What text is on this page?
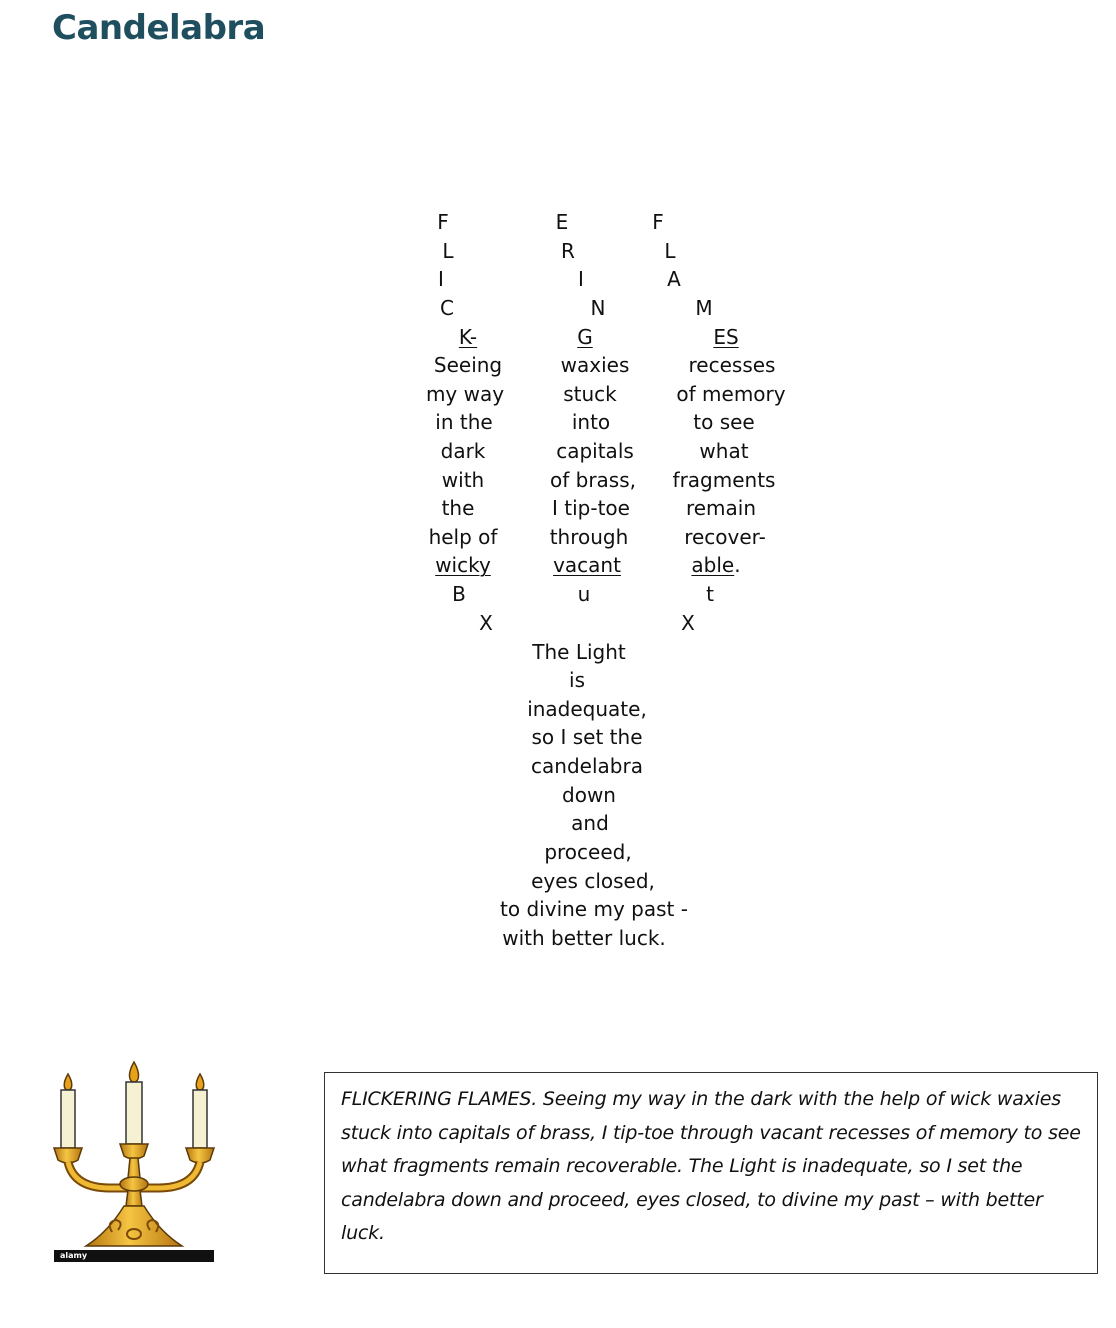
Candelabra
F
L
I
C
K-
Seeing
my way
in the
dark
with
the
help of
wicky
B
X
E
R
I
N
G
waxies
stuck
into
capitals
of brass,
I tip-toe
through
vacant
u
F
L
A
M
ES
recesses
of memory
to see
what
fragments
remain
recover-
able.
t
X
The Light
is
inadequate,
so I set the
candelabra
down
and
proceed,
eyes closed,
to divine my past -
with better luck.
alamy

FLICKERING FLAMES. Seeing my way in the dark with the help of wick waxies stuck into capitals of brass, I tip-toe through vacant recesses of memory to see what fragments remain recoverable. The Light is inadequate, so I set the candelabra down and proceed, eyes closed, to divine my past – with better luck.
